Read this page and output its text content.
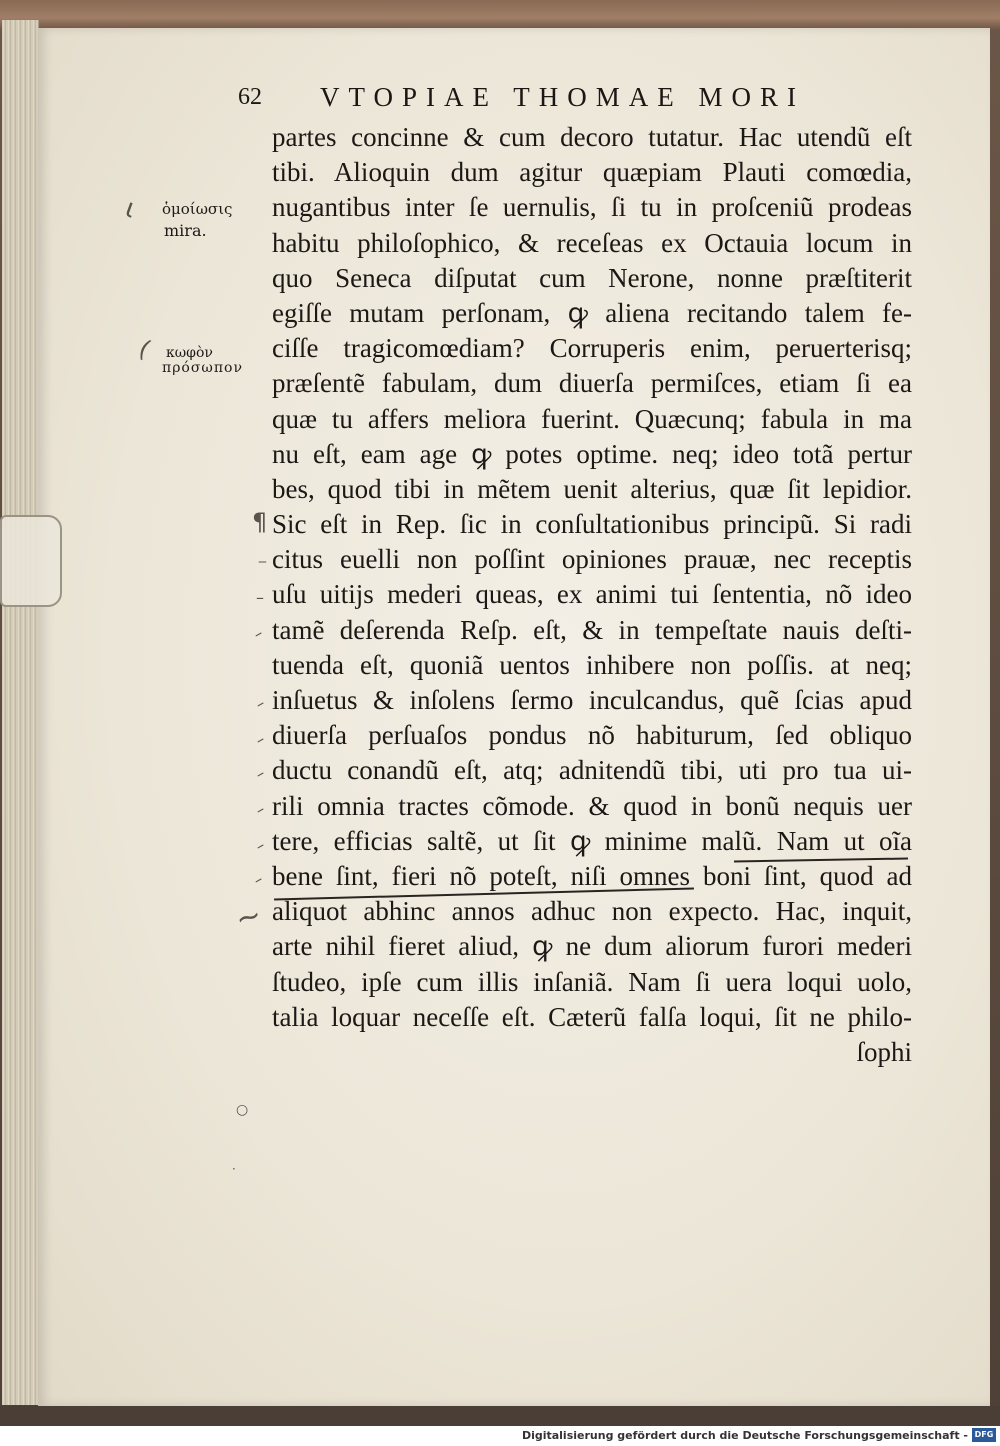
62 VTOPIAE THOMAE MORI
ὁμοίωσις
mira.
κωφὸν
πρόσωπον
ɩ
(
¶
‒
–
–
–
–
–
–
–
–
~
○
·
partes concinne & cum decoro tutatur. Hac utendũ eſt
tibi. Alioquin dum agitur quæpiam Plauti comœdia,
nugantibus inter ſe uernulis, ſi tu in proſceniũ prodeas
habitu philoſophico, & receſeas ex Octauia locum in
quo Seneca diſputat cum Nerone, nonne præſtiterit
egiſſe mutam perſonam, ꝙ aliena recitando talem fe-
ciſſe tragicomœdiam? Corruperis enim, peruerterisq;
præſentẽ fabulam, dum diuerſa permiſces, etiam ſi ea
quæ tu affers meliora fuerint. Quæcunq; fabula in ma
nu eſt, eam age ꝙ potes optime. neq; ideo totã pertur
bes, quod tibi in mẽtem uenit alterius, quæ ſit lepidior.
Sic eſt in Rep. ſic in conſultationibus principũ. Si radi
citus euelli non poſſint opiniones prauæ, nec receptis
uſu uitijs mederi queas, ex animi tui ſententia, nõ ideo
tamẽ deſerenda Reſp. eſt, & in tempeſtate nauis deſti-
tuenda eſt, quoniã uentos inhibere non poſſis. at neq;
inſuetus & inſolens ſermo inculcandus, quẽ ſcias apud
diuerſa perſuaſos pondus nõ habiturum, ſed obliquo
ductu conandũ eſt, atq; adnitendũ tibi, uti pro tua ui-
rili omnia tractes cõmode. & quod in bonũ nequis uer
tere, efficias saltẽ, ut ſit ꝙ minime malũ. Nam ut oĩa
bene ſint, fieri nõ poteſt, niſi omnes boni ſint, quod ad
aliquot abhinc annos adhuc non expecto. Hac, inquit,
arte nihil fieret aliud, ꝙ ne dum aliorum furori mederi
ſtudeo, ipſe cum illis inſaniã. Nam ſi uera loqui uolo,
talia loquar neceſſe eſt. Cæterũ falſa loqui, ſit ne philo-
ſophi
Digitalisierung gefördert durch die Deutsche Forschungsgemeinschaft - DFG
